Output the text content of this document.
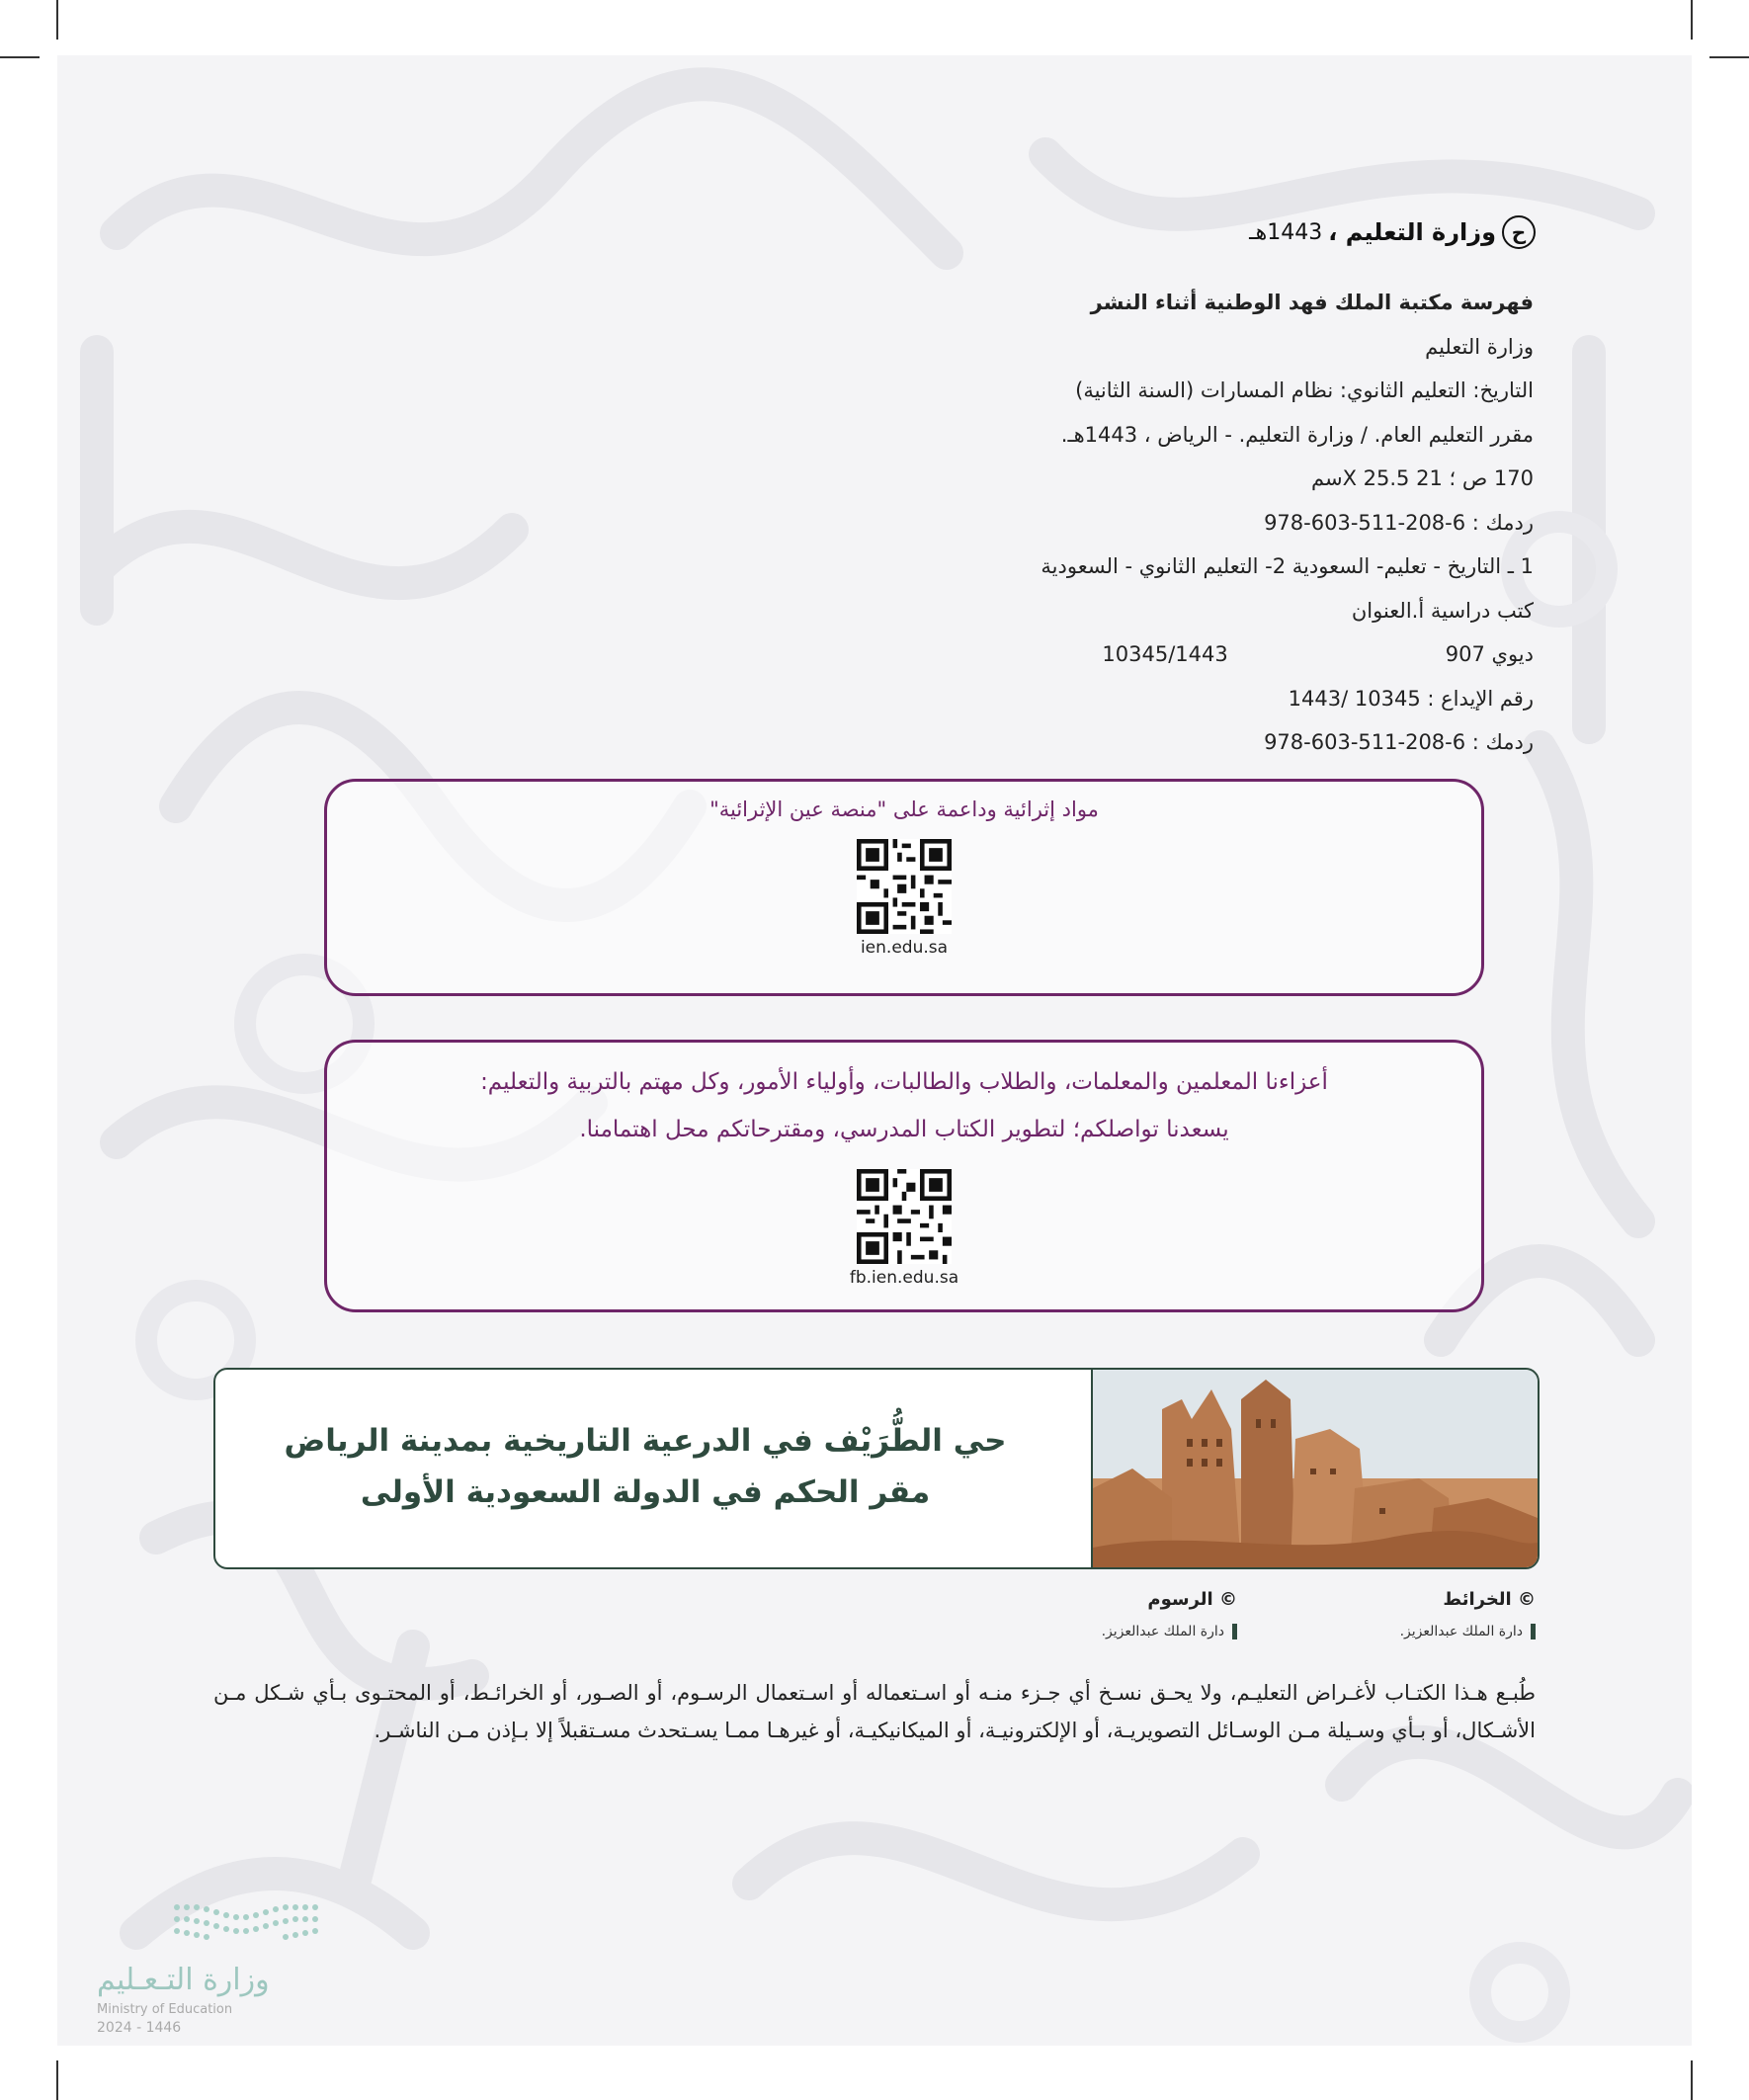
ح
وزارة التعليم ،
1443هـ
فهرسة مكتبة الملك فهد الوطنية أثناء النشر
وزارة التعليم
التاريخ: التعليم الثانوي: نظام المسارات (السنة الثانية)
مقرر التعليم العام. / وزارة التعليم. - الرياض ، 1443هـ.
170 ص ؛ 21 X 25.5سم
ردمك : 6-208-511-603-978
1 ـ التاريخ - تعليم- السعودية 2- التعليم الثانوي - السعودية
كتب دراسية أ.العنوان
ديوي 907
10345/1443
رقم الإيداع : 10345 /1443
ردمك : 6-208-511-603-978
مواد إثرائية وداعمة على "منصة عين الإثرائية"
ien.edu.sa
أعزاءنا المعلمين والمعلمات، والطلاب والطالبات، وأولياء الأمور، وكل مهتم بالتربية والتعليم:
يسعدنا تواصلكم؛ لتطوير الكتاب المدرسي، ومقترحاتكم محل اهتمامنا.
fb.ien.edu.sa
حي الطُّرَيْف في الدرعية التاريخية بمدينة الرياض
مقر الحكم في الدولة السعودية الأولى
© الخرائط
دارة الملك عبدالعزيز.
© الرسوم
دارة الملك عبدالعزيز.
طُبـع هـذا الكتـاب لأغـراض التعليـم، ولا يحـق نسـخ أي جـزء منـه أو اسـتعماله أو اسـتعمال الرسـوم، أو الصـور، أو الخرائـط، أو المحتـوى بـأي شـكل مـن الأشـكال، أو بـأي وسـيلة مـن الوسـائل التصويريـة، أو الإلكترونيـة، أو الميكانيكيـة، أو غيرهـا ممـا يسـتحدث مسـتقبلاً إلا بـإذن مـن الناشـر.
وزارة التـعـليم
Ministry of Education
2024 - 1446
